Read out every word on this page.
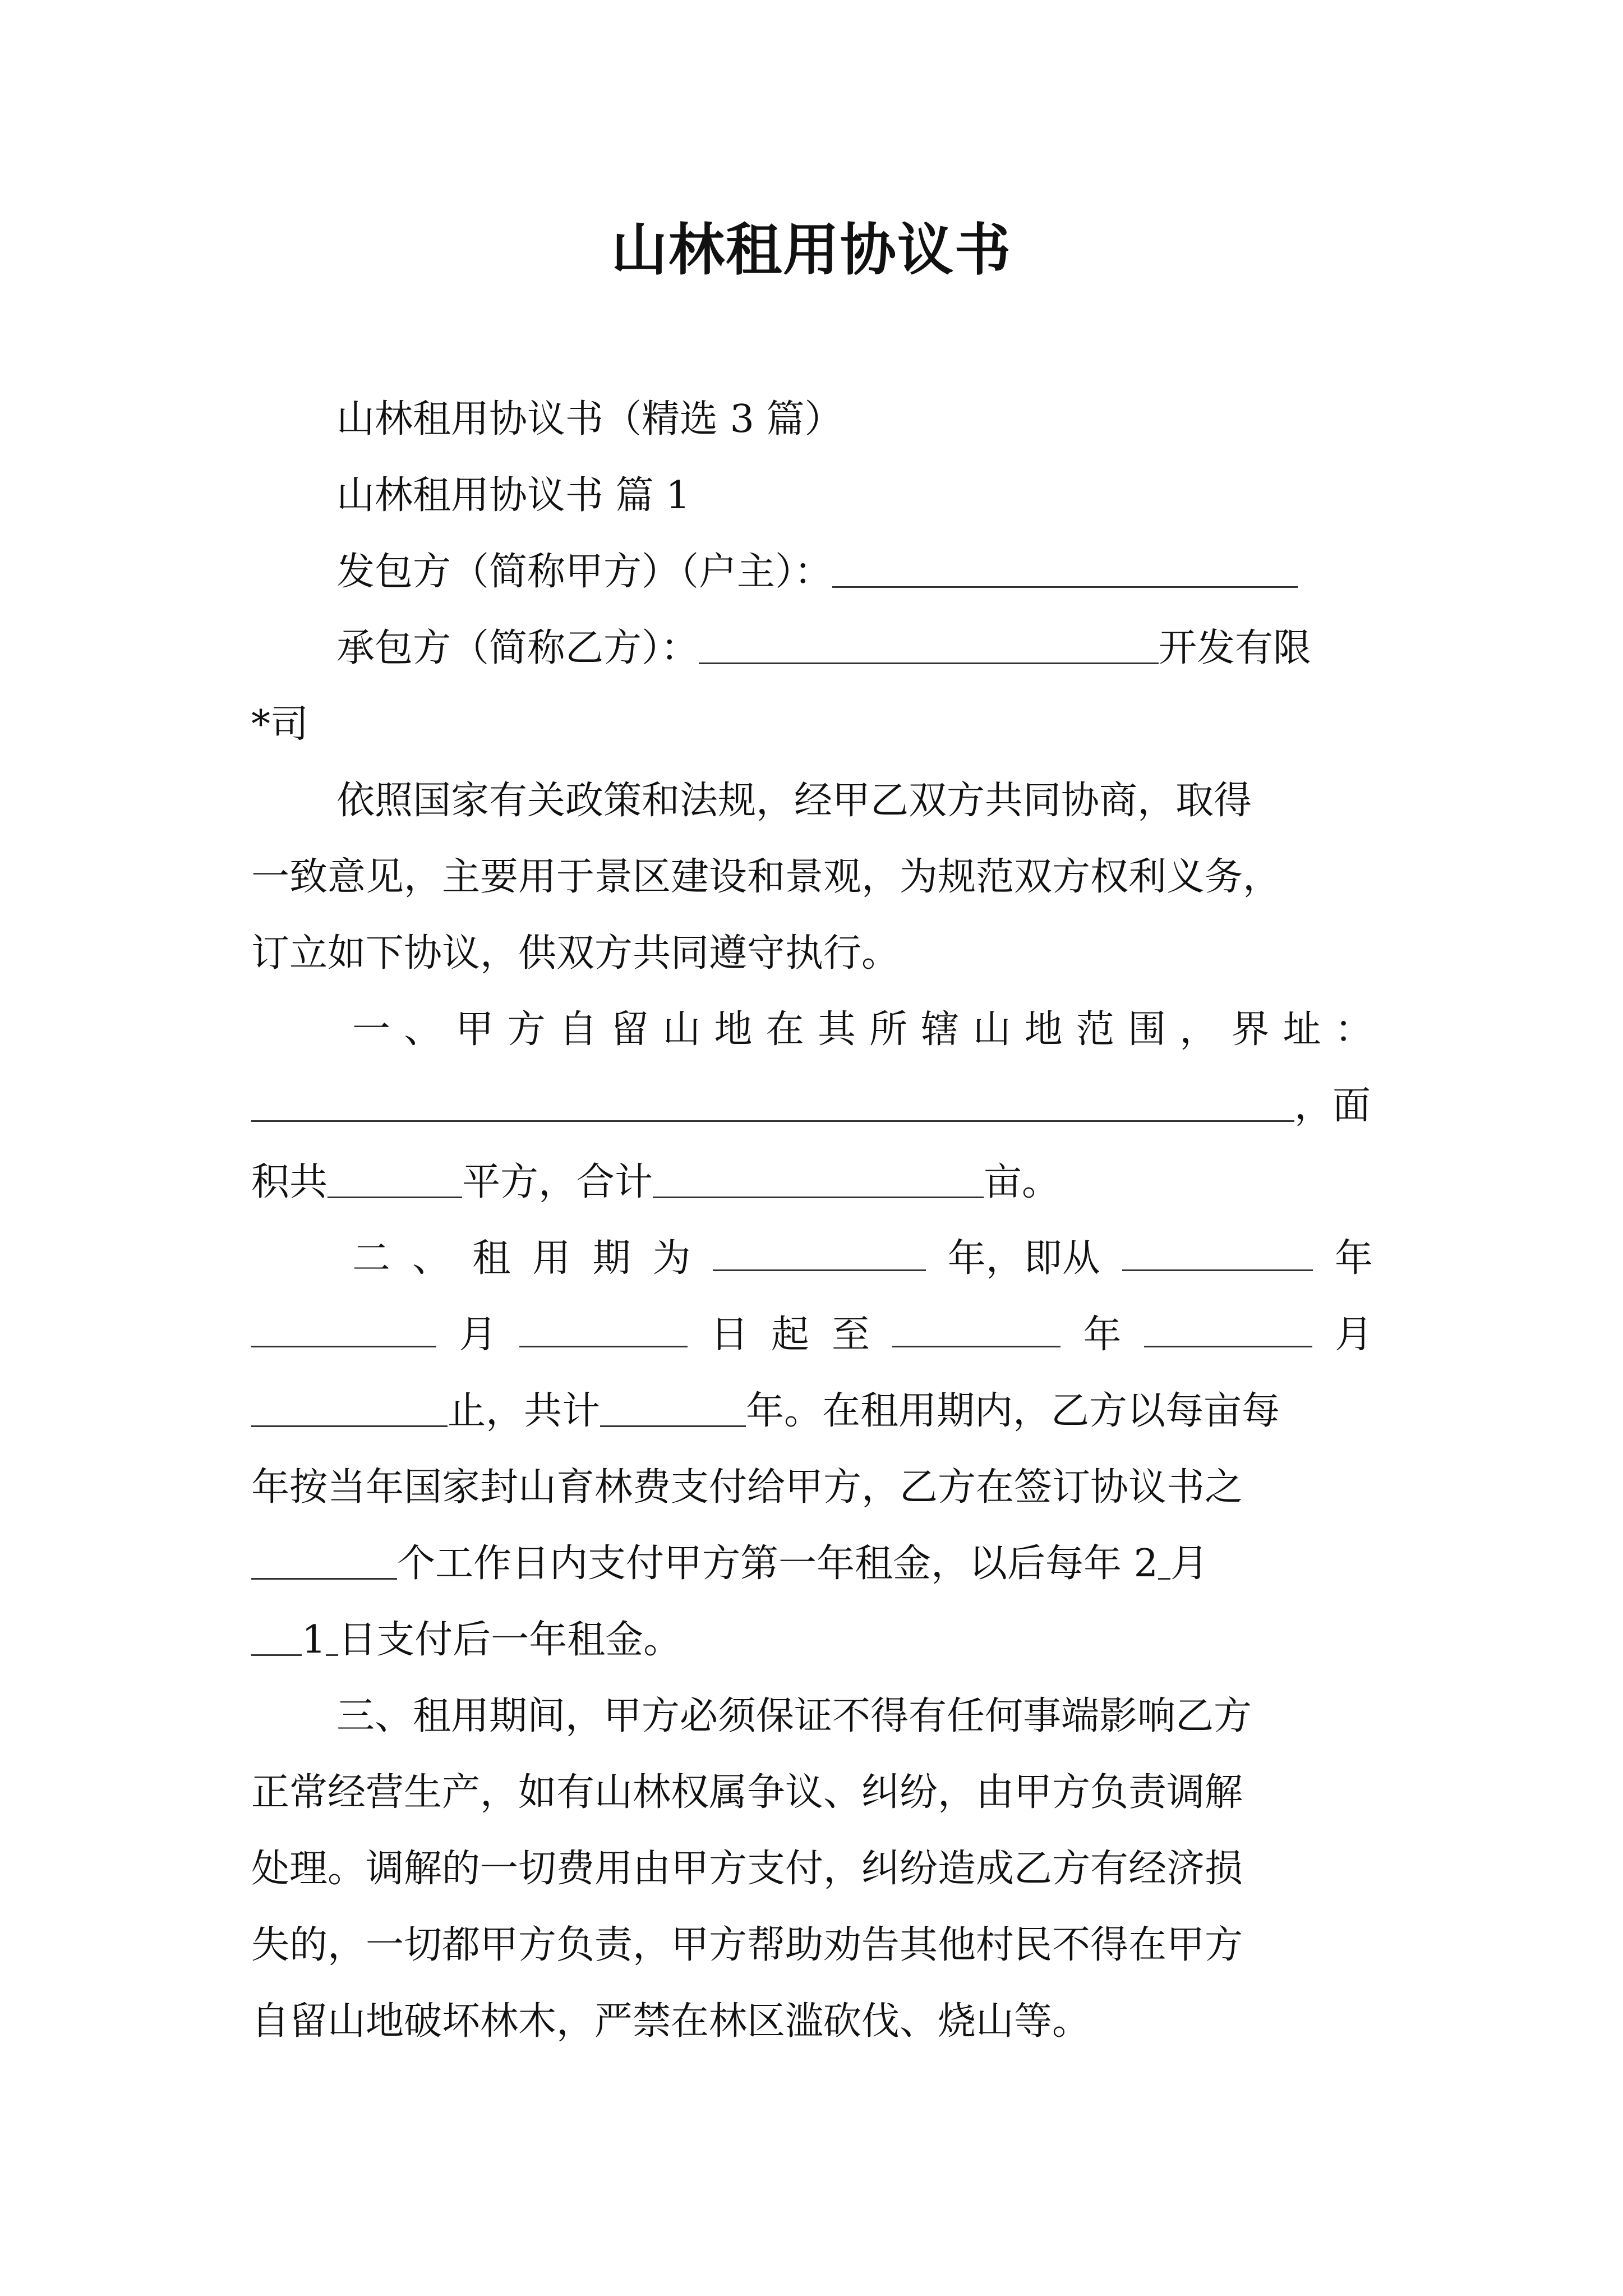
山林租用协议书
山林租用协议书（精选 3 篇）
山林租用协议书 篇 1
发包方（简称甲方）（户主）：
承包方（简称乙方）：	开发有限
*司
依照国家有关政策和法规，经甲乙双方共同协商，取得
一致意见，主要用于景区建设和景观，为规范双方权利义务，
订立如下协议，供双方共同遵守执行。
一 、 甲 方 自 留 山 地 在 其 所 辖 山 地 范 围 ， 界 址 ：
，面
积共	平方，合计	亩。
二 、 租 用 期 为	年，即从	年
月	日 起 至	年	月
止，共计	年。在租用期内，乙方以每亩每
年按当年国家封山育林费支付给甲方，乙方在签订协议书之
个工作日内支付甲方第一年租金，以后每年 2 月
1 日支付后一年租金。
三、租用期间，甲方必须保证不得有任何事端影响乙方
正常经营生产，如有山林权属争议、纠纷，由甲方负责调解
处理。调解的一切费用由甲方支付，纠纷造成乙方有经济损
失的，一切都甲方负责，甲方帮助劝告其他村民不得在甲方
自留山地破坏林木，严禁在林区滥砍伐、烧山等。
